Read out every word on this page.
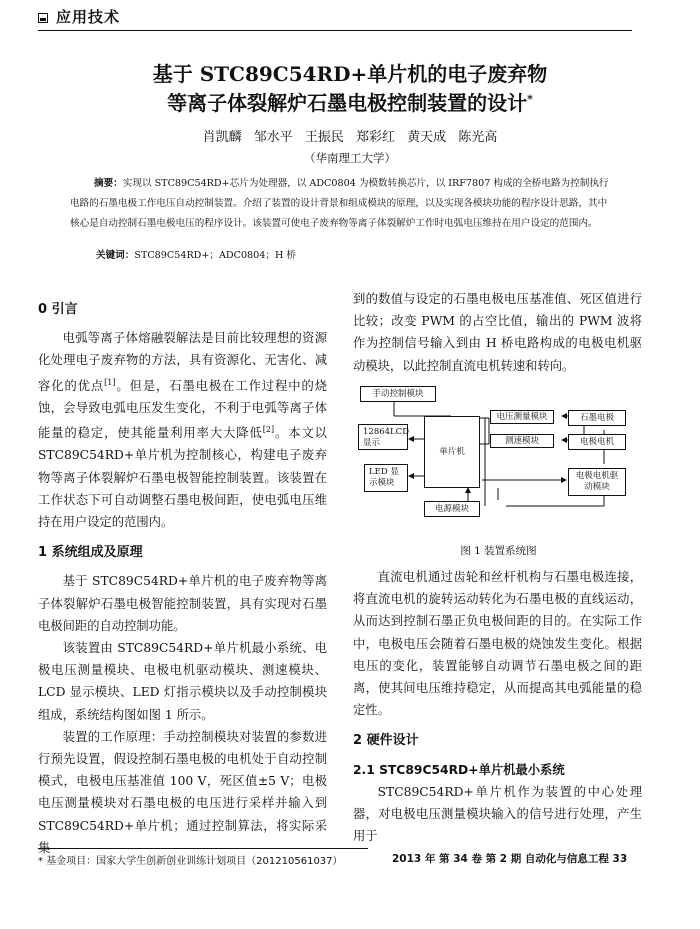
应用技术
基于 STC89C54RD+单片机的电子废弃物
等离子体裂解炉石墨电极控制装置的设计*
肖凯麟 邹水平 王振民 郑彩红 黄天成 陈光高
（华南理工大学）
摘要：实现以 STC89C54RD+芯片为处理器，以 ADC0804 为模数转换芯片，以 IRF7807 构成的全桥电路为控制执行电路的石墨电极工作电压自动控制装置。介绍了装置的设计背景和组成模块的原理，以及实现各模块功能的程序设计思路，其中核心是自动控制石墨电极电压的程序设计。该装置可使电子废弃物等离子体裂解炉工作时电弧电压维持在用户设定的范围内。
关键词：STC89C54RD+；ADC0804；H 桥

0 引言

电弧等离子体熔融裂解法是目前比较理想的资源化处理电子废弃物的方法，具有资源化、无害化、减容化的优点[1]。但是，石墨电极在工作过程中的烧蚀，会导致电弧电压发生变化，不利于电弧等离子体能量的稳定，使其能量利用率大大降低[2]。本文以 STC89C54RD+单片机为控制核心，构建电子废弃物等离子体裂解炉石墨电极智能控制装置。该装置在工作状态下可自动调整石墨电极间距，使电弧电压维持在用户设定的范围内。

1 系统组成及原理

基于 STC89C54RD+单片机的电子废弃物等离子体裂解炉石墨电极智能控制装置，具有实现对石墨电极间距的自动控制功能。

该装置由 STC89C54RD+单片机最小系统、电极电压测量模块、电极电机驱动模块、测速模块、LCD 显示模块、LED 灯指示模块以及手动控制模块组成，系统结构图如图 1 所示。

装置的工作原理：手动控制模块对装置的参数进行预先设置，假设控制石墨电极的电机处于自动控制模式，电极电压基准值 100 V，死区值±5 V；电极电压测量模块对石墨电极的电压进行采样并输入到 STC89C54RD+单片机；通过控制算法，将实际采集

到的数值与设定的石墨电极电压基准值、死区值进行比较；改变 PWM 的占空比值，输出的 PWM 波将作为控制信号输入到由 H 桥电路构成的电极电机驱动模块，以此控制直流电机转速和转向。

手动控制模块
12864LCD 显示
单片机
LED 显示模块
电压测量模块
测速模块
石墨电极
电极电机
电极电机驱动模块
电源模块
图 1 装置系统图

直流电机通过齿轮和丝杆机构与石墨电极连接，将直流电机的旋转运动转化为石墨电极的直线运动，从而达到控制石墨正负电极间距的目的。在实际工作中，电极电压会随着石墨电极的烧蚀发生变化。根据电压的变化，装置能够自动调节石墨电极之间的距离，使其间电压维持稳定，从而提高其电弧能量的稳定性。

2 硬件设计

2.1 STC89C54RD+单片机最小系统

STC89C54RD+单片机作为装置的中心处理器，对电极电压测量模块输入的信号进行处理，产生用于

* 基金项目：国家大学生创新创业训练计划项目（201210561037）	2013 年 第 34 卷 第 2 期 自动化与信息工程 33
